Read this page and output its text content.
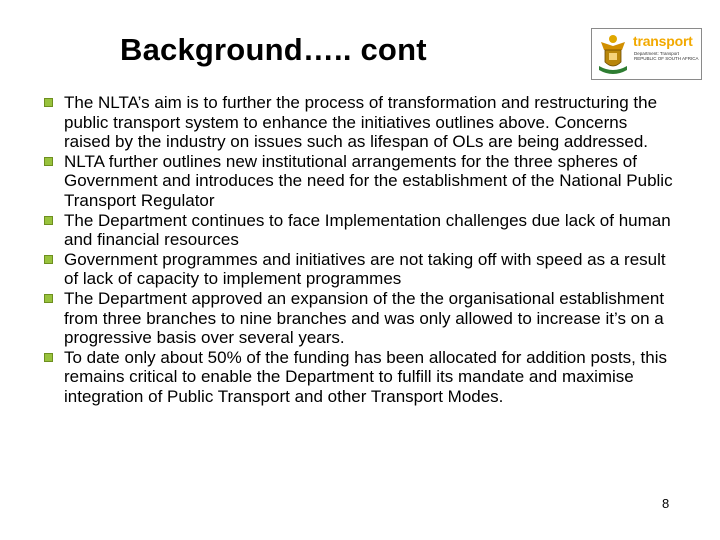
Background….. cont	transport
Department: Transport REPUBLIC OF SOUTH AFRICA
The NLTA’s aim is to further the process of transformation and restructuring the public transport system to enhance the initiatives outlines above. Concerns raised by the industry on issues such as lifespan of OLs are being addressed.
NLTA further outlines new institutional arrangements for the three spheres of Government and introduces the need for the establishment of the National Public Transport Regulator
The Department continues to face Implementation challenges due lack of human and financial resources
Government programmes and initiatives are not taking off with speed as a result of lack of capacity to implement programmes
The Department approved an expansion of the the organisational establishment from three branches to nine branches and was only allowed to increase it’s on a progressive basis over several years.
To date only about 50% of the funding has been allocated for addition posts, this remains critical to enable the Department to fulfill its mandate and maximise integration of Public Transport and other Transport Modes.
8
